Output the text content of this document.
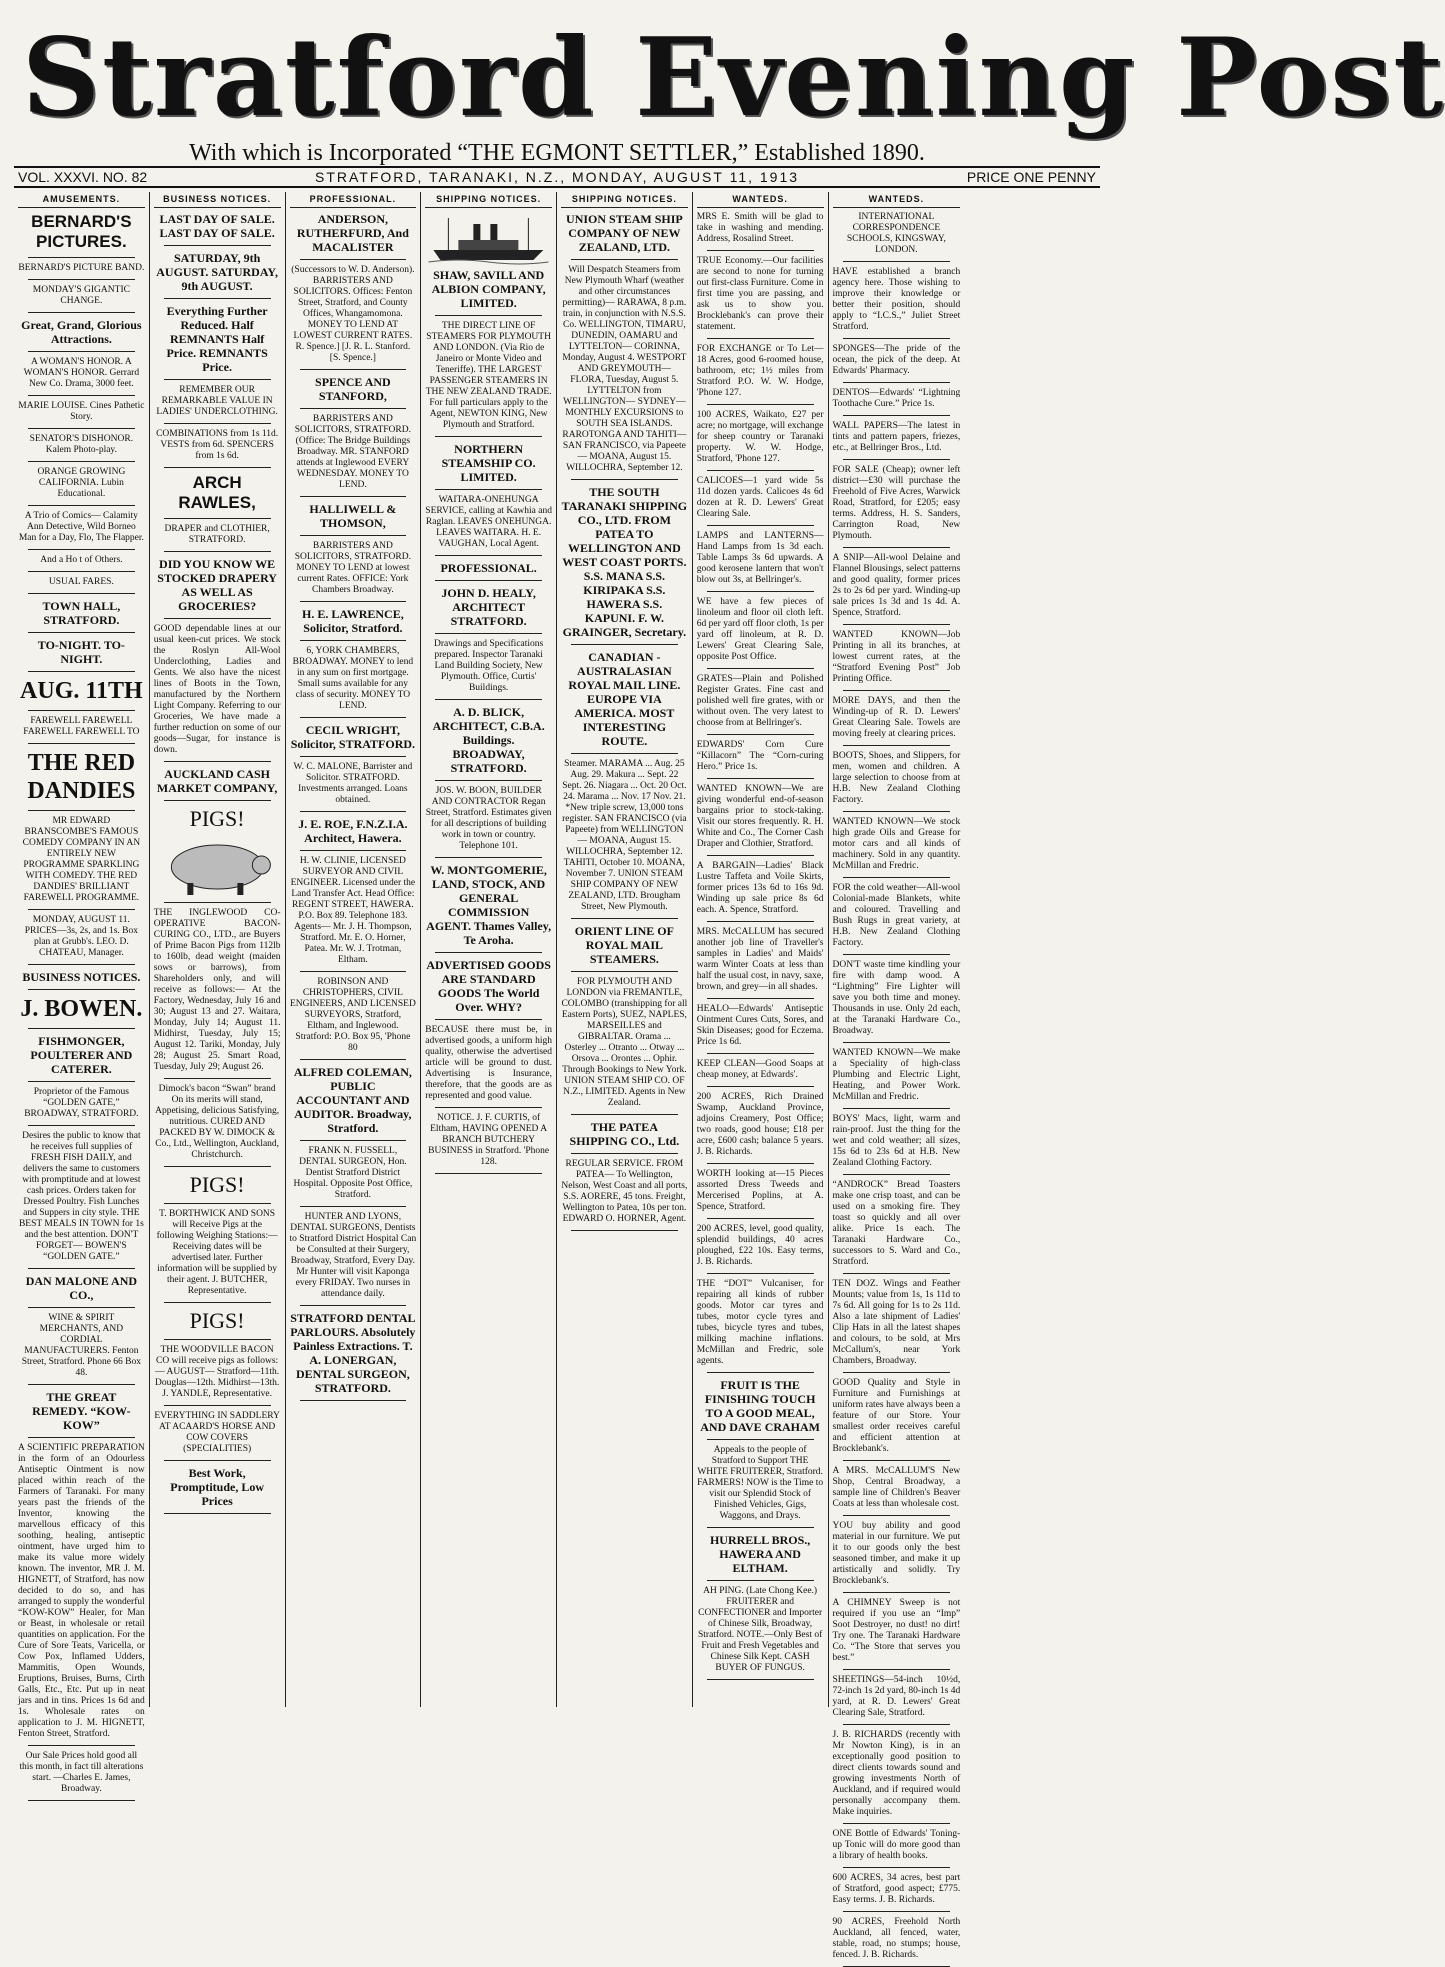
Stratford Evening Post
With which is Incorporated “THE EGMONT SETTLER,” Established 1890.
VOL. XXXVI. NO. 82	STRATFORD, TARANAKI, N.Z., MONDAY, AUGUST 11, 1913	PRICE ONE PENNY
AMUSEMENTS.
BERNARD'S PICTURES.
BERNARD'S PICTURE BAND.
MONDAY'S GIGANTIC CHANGE.
Great, Grand, Glorious Attractions.
A WOMAN'S HONOR. A WOMAN'S HONOR. Gerrard New Co. Drama, 3000 feet.
MARIE LOUISE. Cines Pathetic Story.
SENATOR'S DISHONOR. Kalem Photo-play.
ORANGE GROWING CALIFORNIA. Lubin Educational.
A Trio of Comics— Calamity Ann Detective, Wild Borneo Man for a Day, Flo, The Flapper.
And a Ho t of Others.
USUAL FARES.
TOWN HALL, STRATFORD.
TO-NIGHT. TO-NIGHT.
AUG. 11TH
FAREWELL FAREWELL FAREWELL FAREWELL TO
THE RED DANDIES
MR EDWARD BRANSCOMBE'S FAMOUS COMEDY COMPANY IN AN ENTIRELY NEW PROGRAMME SPARKLING WITH COMEDY. THE RED DANDIES' BRILLIANT FAREWELL PROGRAMME.
MONDAY, AUGUST 11. PRICES—3s, 2s, and 1s. Box plan at Grubb's. LEO. D. CHATEAU, Manager.
BUSINESS NOTICES.
J. BOWEN.
FISHMONGER, POULTERER AND CATERER.
Proprietor of the Famous “GOLDEN GATE,” BROADWAY, STRATFORD.
Desires the public to know that he receives full supplies of FRESH FISH DAILY, and delivers the same to customers with promptitude and at lowest cash prices. Orders taken for Dressed Poultry. Fish Lunches and Suppers in city style. THE BEST MEALS IN TOWN for 1s and the best attention. DON'T FORGET— BOWEN'S “GOLDEN GATE.”
DAN MALONE AND CO.,
WINE & SPIRIT MERCHANTS, AND CORDIAL MANUFACTURERS. Fenton Street, Stratford. Phone 66 Box 48.
THE GREAT REMEDY. “KOW-KOW”
A SCIENTIFIC PREPARATION in the form of an Odourless Antiseptic Ointment is now placed within reach of the Farmers of Taranaki. For many years past the friends of the Inventor, knowing the marvellous efficacy of this soothing, healing, antiseptic ointment, have urged him to make its value more widely known. The inventor, MR J. M. HIGNETT, of Stratford, has now decided to do so, and has arranged to supply the wonderful “KOW-KOW” Healer, for Man or Beast, in wholesale or retail quantities on application. For the Cure of Sore Teats, Varicella, or Cow Pox, Inflamed Udders, Mammitis, Open Wounds, Eruptions, Bruises, Burns, Cirth Galls, Etc., Etc. Put up in neat jars and in tins. Prices 1s 6d and 1s. Wholesale rates on application to J. M. HIGNETT, Fenton Street, Stratford.
Our Sale Prices hold good all this month, in fact till alterations start. —Charles E. James, Broadway.
BUSINESS NOTICES.
LAST DAY OF SALE. LAST DAY OF SALE.
SATURDAY, 9th AUGUST. SATURDAY, 9th AUGUST.
Everything Further Reduced. Half REMNANTS Half Price. REMNANTS Price.
REMEMBER OUR REMARKABLE VALUE IN LADIES' UNDERCLOTHING.
COMBINATIONS from 1s 11d. VESTS from 6d. SPENCERS from 1s 6d.
ARCH RAWLES,
DRAPER and CLOTHIER, STRATFORD.
DID YOU KNOW WE STOCKED DRAPERY AS WELL AS GROCERIES?
GOOD dependable lines at our usual keen-cut prices. We stock the Roslyn All-Wool Underclothing, Ladies and Gents. We also have the nicest lines of Boots in the Town, manufactured by the Northern Light Company. Referring to our Groceries, We have made a further reduction on some of our goods—Sugar, for instance is down.
AUCKLAND CASH MARKET COMPANY,
PIGS!
THE INGLEWOOD CO-OPERATIVE BACON-CURING CO., LTD., are Buyers of Prime Bacon Pigs from 112lb to 160lb, dead weight (maiden sows or barrows), from Shareholders only, and will receive as follows:— At the Factory, Wednesday, July 16 and 30; August 13 and 27. Waitara, Monday, July 14; August 11. Midhirst, Tuesday, July 15; August 12. Tariki, Monday, July 28; August 25. Smart Road, Tuesday, July 29; August 26.
Dimock's bacon “Swan” brand On its merits will stand, Appetising, delicious Satisfying, nutritious. CURED AND PACKED BY W. DIMOCK & Co., Ltd., Wellington, Auckland, Christchurch.
PIGS!
T. BORTHWICK AND SONS will Receive Pigs at the following Weighing Stations:— Receiving dates will be advertised later. Further information will be supplied by their agent. J. BUTCHER, Representative.
PIGS!
THE WOODVILLE BACON CO will receive pigs as follows:— AUGUST— Stratford—11th. Douglas—12th. Midhirst—13th. J. YANDLE, Representative.
EVERYTHING IN SADDLERY AT ACAARD'S HORSE AND COW COVERS (SPECIALITIES)
Best Work, Promptitude, Low Prices
PROFESSIONAL.
ANDERSON, RUTHERFURD, And MACALISTER
(Successors to W. D. Anderson). BARRISTERS AND SOLICITORS. Offices: Fenton Street, Stratford, and County Offices, Whangamomona. MONEY TO LEND AT LOWEST CURRENT RATES. R. Spence.] [J. R. L. Stanford. [S. Spence.]
SPENCE AND STANFORD,
BARRISTERS AND SOLICITORS, STRATFORD. (Office: The Bridge Buildings Broadway. MR. STANFORD attends at Inglewood EVERY WEDNESDAY. MONEY TO LEND.
HALLIWELL & THOMSON,
BARRISTERS AND SOLICITORS, STRATFORD. MONEY TO LEND at lowest current Rates. OFFICE: York Chambers Broadway.
H. E. LAWRENCE, Solicitor, Stratford.
6, YORK CHAMBERS, BROADWAY. MONEY to lend in any sum on first mortgage. Small sums available for any class of security. MONEY TO LEND.
CECIL WRIGHT, Solicitor, STRATFORD.
W. C. MALONE, Barrister and Solicitor. STRATFORD. Investments arranged. Loans obtained.
J. E. ROE, F.N.Z.I.A. Architect, Hawera.
H. W. CLINIE, LICENSED SURVEYOR AND CIVIL ENGINEER. Licensed under the Land Transfer Act. Head Office: REGENT STREET, HAWERA. P.O. Box 89. Telephone 183. Agents— Mr. J. H. Thompson, Stratford. Mr. E. O. Horner, Patea. Mr. W. J. Trotman, Eltham.
ROBINSON AND CHRISTOPHERS, CIVIL ENGINEERS, AND LICENSED SURVEYORS, Stratford, Eltham, and Inglewood. Stratford: P.O. Box 95, 'Phone 80
ALFRED COLEMAN, PUBLIC ACCOUNTANT AND AUDITOR. Broadway, Stratford.
FRANK N. FUSSELL, DENTAL SURGEON, Hon. Dentist Stratford District Hospital. Opposite Post Office, Stratford.
HUNTER AND LYONS, DENTAL SURGEONS, Dentists to Stratford District Hospital Can be Consulted at their Surgery, Broadway, Stratford, Every Day. Mr Hunter will visit Kaponga every FRIDAY. Two nurses in attendance daily.
STRATFORD DENTAL PARLOURS. Absolutely Painless Extractions. T. A. LONERGAN, DENTAL SURGEON, STRATFORD.
SHIPPING NOTICES.
SHAW, SAVILL AND ALBION COMPANY, LIMITED.
THE DIRECT LINE OF STEAMERS FOR PLYMOUTH AND LONDON. (Via Rio de Janeiro or Monte Video and Teneriffe). THE LARGEST PASSENGER STEAMERS IN THE NEW ZEALAND TRADE. For full particulars apply to the Agent, NEWTON KING, New Plymouth and Stratford.
NORTHERN STEAMSHIP CO. LIMITED.
WAITARA-ONEHUNGA SERVICE, calling at Kawhia and Raglan. LEAVES ONEHUNGA. LEAVES WAITARA. H. E. VAUGHAN, Local Agent.
PROFESSIONAL.
JOHN D. HEALY, ARCHITECT STRATFORD.
Drawings and Specifications prepared. Inspector Taranaki Land Building Society, New Plymouth. Office, Curtis' Buildings.
A. D. BLICK, ARCHITECT, C.B.A. Buildings. BROADWAY, STRATFORD.
JOS. W. BOON, BUILDER AND CONTRACTOR Regan Street, Stratford. Estimates given for all descriptions of building work in town or country. Telephone 101.
W. MONTGOMERIE, LAND, STOCK, AND GENERAL COMMISSION AGENT. Thames Valley, Te Aroha.
ADVERTISED GOODS ARE STANDARD GOODS The World Over. WHY?
BECAUSE there must be, in advertised goods, a uniform high quality, otherwise the advertised article will be ground to dust. Advertising is Insurance, therefore, that the goods are as represented and good value.
NOTICE. J. F. CURTIS, of Eltham, HAVING OPENED A BRANCH BUTCHERY BUSINESS in Stratford. 'Phone 128.
SHIPPING NOTICES.
UNION STEAM SHIP COMPANY OF NEW ZEALAND, LTD.
Will Despatch Steamers from New Plymouth Wharf (weather and other circumstances permitting)— RARAWA, 8 p.m. train, in conjunction with N.S.S. Co. WELLINGTON, TIMARU, DUNEDIN, OAMARU and LYTTELTON— CORINNA, Monday, August 4. WESTPORT AND GREYMOUTH— FLORA, Tuesday, August 5. LYTTELTON from WELLINGTON— SYDNEY— MONTHLY EXCURSIONS to SOUTH SEA ISLANDS. RAROTONGA AND TAHITI— SAN FRANCISCO, via Papeete— MOANA, August 15. WILLOCHRA, September 12.
THE SOUTH TARANAKI SHIPPING CO., LTD. FROM PATEA TO WELLINGTON AND WEST COAST PORTS. S.S. MANA S.S. KIRIPAKA S.S. HAWERA S.S. KAPUNI. F. W. GRAINGER, Secretary.
CANADIAN - AUSTRALASIAN ROYAL MAIL LINE. EUROPE VIA AMERICA. MOST INTERESTING ROUTE.
Steamer. MARAMA ... Aug. 25 Aug. 29. Makura ... Sept. 22 Sept. 26. Niagara ... Oct. 20 Oct. 24. Marama ... Nov. 17 Nov. 21. *New triple screw, 13,000 tons register. SAN FRANCISCO (via Papeete) from WELLINGTON— MOANA, August 15. WILLOCHRA, September 12. TAHITI, October 10. MOANA, November 7. UNION STEAM SHIP COMPANY OF NEW ZEALAND, LTD. Brougham Street, New Plymouth.
ORIENT LINE OF ROYAL MAIL STEAMERS.
FOR PLYMOUTH AND LONDON via FREMANTLE, COLOMBO (transhipping for all Eastern Ports), SUEZ, NAPLES, MARSEILLES and GIBRALTAR. Orama ... Osterley ... Otranto ... Otway ... Orsova ... Orontes ... Ophir. Through Bookings to New York. UNION STEAM SHIP CO. OF N.Z., LIMITED. Agents in New Zealand.
THE PATEA SHIPPING CO., Ltd.
REGULAR SERVICE. FROM PATEA— To Wellington, Nelson, West Coast and all ports, S.S. AORERE, 45 tons. Freight, Wellington to Patea, 10s per ton. EDWARD O. HORNER, Agent.
WANTEDS.
MRS E. Smith will be glad to take in washing and mending. Address, Rosalind Street.
TRUE Economy.—Our facilities are second to none for turning out first-class Furniture. Come in first time you are passing, and ask us to show you. Brocklebank's can prove their statement.
FOR EXCHANGE or To Let—18 Acres, good 6-roomed house, bathroom, etc; 1½ miles from Stratford P.O. W. W. Hodge, 'Phone 127.
100 ACRES, Waikato, £27 per acre; no mortgage, will exchange for sheep country or Taranaki property. W. W. Hodge, Stratford, 'Phone 127.
CALICOES—1 yard wide 5s 11d dozen yards. Calicoes 4s 6d dozen at R. D. Lewers' Great Clearing Sale.
LAMPS and LANTERNS—Hand Lamps from 1s 3d each. Table Lamps 3s 6d upwards. A good kerosene lantern that won't blow out 3s, at Bellringer's.
WE have a few pieces of linoleum and floor oil cloth left. 6d per yard off floor cloth, 1s per yard off linoleum, at R. D. Lewers' Great Clearing Sale, opposite Post Office.
GRATES—Plain and Polished Register Grates. Fine cast and polished well fire grates, with or without oven. The very latest to choose from at Bellringer's.
EDWARDS' Corn Cure “Killacorn” The “Corn-curing Hero.” Price 1s.
WANTED KNOWN—We are giving wonderful end-of-season bargains prior to stock-taking. Visit our stores frequently. R. H. White and Co., The Corner Cash Draper and Clothier, Stratford.
A BARGAIN—Ladies' Black Lustre Taffeta and Voile Skirts, former prices 13s 6d to 16s 9d. Winding up sale price 8s 6d each. A. Spence, Stratford.
MRS. McCALLUM has secured another job line of Traveller's samples in Ladies' and Maids' warm Winter Coats at less than half the usual cost, in navy, saxe, brown, and grey—in all shades.
HEALO—Edwards' Antiseptic Ointment Cures Cuts, Sores, and Skin Diseases; good for Eczema. Price 1s 6d.
KEEP CLEAN—Good Soaps at cheap money, at Edwards'.
200 ACRES, Rich Drained Swamp, Auckland Province, adjoins Creamery, Post Office; two roads, good house; £18 per acre, £600 cash; balance 5 years. J. B. Richards.
WORTH looking at—15 Pieces assorted Dress Tweeds and Mercerised Poplins, at A. Spence, Stratford.
200 ACRES, level, good quality, splendid buildings, 40 acres ploughed, £22 10s. Easy terms, J. B. Richards.
THE “DOT” Vulcaniser, for repairing all kinds of rubber goods. Motor car tyres and tubes, motor cycle tyres and tubes, bicycle tyres and tubes, milking machine inflations. McMillan and Fredric, sole agents.
FRUIT IS THE FINISHING TOUCH TO A GOOD MEAL, AND DAVE CRAHAM
Appeals to the people of Stratford to Support THE WHITE FRUITERER, Stratford. FARMERS! NOW is the Time to visit our Splendid Stock of Finished Vehicles, Gigs, Waggons, and Drays.
HURRELL BROS., HAWERA AND ELTHAM.
AH PING. (Late Chong Kee.) FRUITERER and CONFECTIONER and Importer of Chinese Silk, Broadway, Stratford. NOTE.—Only Best of Fruit and Fresh Vegetables and Chinese Silk Kept. CASH BUYER OF FUNGUS.
WANTEDS.
INTERNATIONAL CORRESPONDENCE SCHOOLS, KINGSWAY, LONDON.
HAVE established a branch agency here. Those wishing to improve their knowledge or better their position, should apply to “I.C.S.,” Juliet Street Stratford.
SPONGES—The pride of the ocean, the pick of the deep. At Edwards' Pharmacy.
DENTOS—Edwards' “Lightning Toothache Cure.” Price 1s.
WALL PAPERS—The latest in tints and pattern papers, friezes, etc., at Bellringer Bros., Ltd.
FOR SALE (Cheap); owner left district—£30 will purchase the Freehold of Five Acres, Warwick Road, Stratford, for £205; easy terms. Address, H. S. Sanders, Carrington Road, New Plymouth.
A SNIP—All-wool Delaine and Flannel Blousings, select patterns and good quality, former prices 2s to 2s 6d per yard. Winding-up sale prices 1s 3d and 1s 4d. A. Spence, Stratford.
WANTED KNOWN—Job Printing in all its branches, at lowest current rates, at the “Stratford Evening Post” Job Printing Office.
MORE DAYS, and then the Winding-up of R. D. Lewers' Great Clearing Sale. Towels are moving freely at clearing prices.
BOOTS, Shoes, and Slippers, for men, women and children. A large selection to choose from at H.B. New Zealand Clothing Factory.
WANTED KNOWN—We stock high grade Oils and Grease for motor cars and all kinds of machinery. Sold in any quantity. McMillan and Fredric.
FOR the cold weather—All-wool Colonial-made Blankets, white and coloured. Travelling and Bush Rugs in great variety, at H.B. New Zealand Clothing Factory.
DON'T waste time kindling your fire with damp wood. A “Lightning” Fire Lighter will save you both time and money. Thousands in use. Only 2d each, at the Taranaki Hardware Co., Broadway.
WANTED KNOWN—We make a Speciality of high-class Plumbing and Electric Light, Heating, and Power Work. McMillan and Fredric.
BOYS' Macs, light, warm and rain-proof. Just the thing for the wet and cold weather; all sizes, 15s 6d to 23s 6d at H.B. New Zealand Clothing Factory.
“ANDROCK” Bread Toasters make one crisp toast, and can be used on a smoking fire. They toast so quickly and all over alike. Price 1s each. The Taranaki Hardware Co., successors to S. Ward and Co., Stratford.
TEN DOZ. Wings and Feather Mounts; value from 1s, 1s 11d to 7s 6d. All going for 1s to 2s 11d. Also a late shipment of Ladies' Clip Hats in all the latest shapes and colours, to be sold, at Mrs McCallum's, near York Chambers, Broadway.
GOOD Quality and Style in Furniture and Furnishings at uniform rates have always been a feature of our Store. Your smallest order receives careful and efficient attention at Brocklebank's.
A MRS. McCALLUM'S New Shop, Central Broadway, a sample line of Children's Beaver Coats at less than wholesale cost.
YOU buy ability and good material in our furniture. We put it to our goods only the best seasoned timber, and make it up artistically and solidly. Try Brocklebank's.
A CHIMNEY Sweep is not required if you use an “Imp” Soot Destroyer, no dust! no dirt! Try one. The Taranaki Hardware Co. “The Store that serves you best.”
SHEETINGS—54-inch 10½d, 72-inch 1s 2d yard, 80-inch 1s 4d yard, at R. D. Lewers' Great Clearing Sale, Stratford.
J. B. RICHARDS (recently with Mr Nowton King), is in an exceptionally good position to direct clients towards sound and growing investments North of Auckland, and if required would personally accompany them. Make inquiries.
ONE Bottle of Edwards' Toning-up Tonic will do more good than a library of health books.
600 ACRES, 34 acres, best part of Stratford, good aspect; £775. Easy terms. J. B. Richards.
90 ACRES, Freehold North Auckland, all fenced, water, stable, road, no stumps; house, fenced. J. B. Richards.
